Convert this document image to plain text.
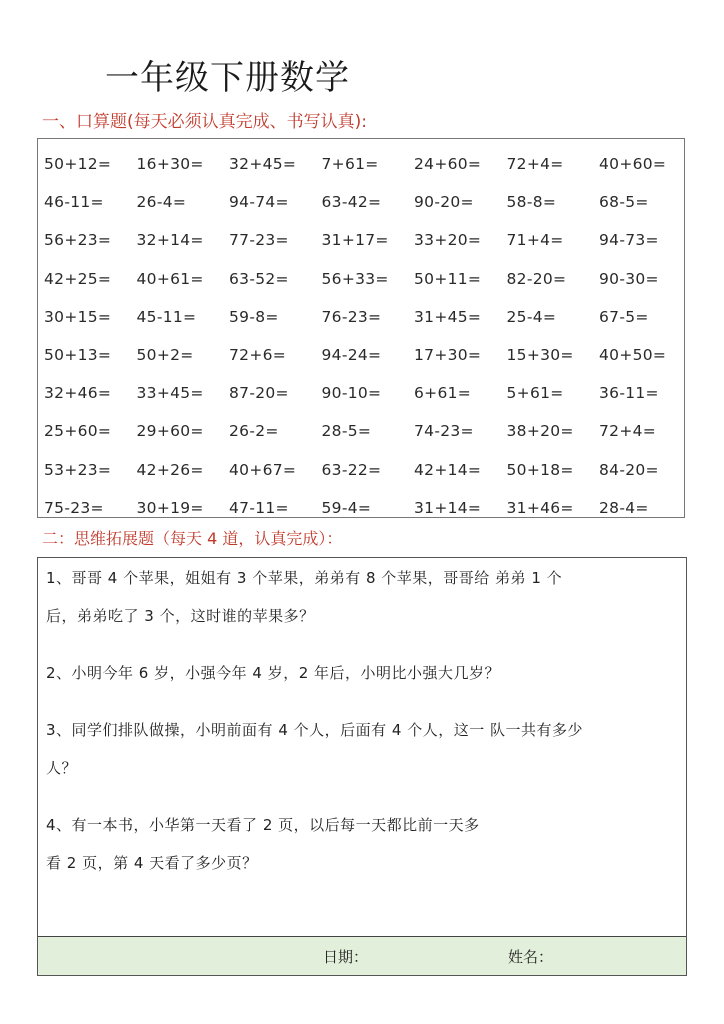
一年级下册数学
一、口算题(每天必须认真完成、书写认真):
50+12=	16+30=	32+45=	7+61=	24+60=	72+4=	40+60=
46-11=	26-4=	94-74=	63-42=	90-20=	58-8=	68-5=
56+23=	32+14=	77-23=	31+17=	33+20=	71+4=	94-73=
42+25=	40+61=	63-52=	56+33=	50+11=	82-20=	90-30=
30+15=	45-11=	59-8=	76-23=	31+45=	25-4=	67-5=
50+13=	50+2=	72+6=	94-24=	17+30=	15+30=	40+50=
32+46=	33+45=	87-20=	90-10=	6+61=	5+61=	36-11=
25+60=	29+60=	26-2=	28-5=	74-23=	38+20=	72+4=
53+23=	42+26=	40+67=	63-22=	42+14=	50+18=	84-20=
75-23=	30+19=	47-11=	59-4=	31+14=	31+46=	28-4=
二：思维拓展题（每天 4 道，认真完成）：
1、哥哥 4 个苹果，姐姐有 3 个苹果，弟弟有 8 个苹果，哥哥给 弟弟 1 个
后，弟弟吃了 3 个，这时谁的苹果多？
2、小明今年 6 岁，小强今年 4 岁，2 年后，小明比小强大几岁？
3、同学们排队做操，小明前面有 4 个人，后面有 4 个人，这一 队一共有多少
人？
4、有一本书，小华第一天看了 2 页，以后每一天都比前一天多
看 2 页，第 4 天看了多少页？
日期：	姓名：
